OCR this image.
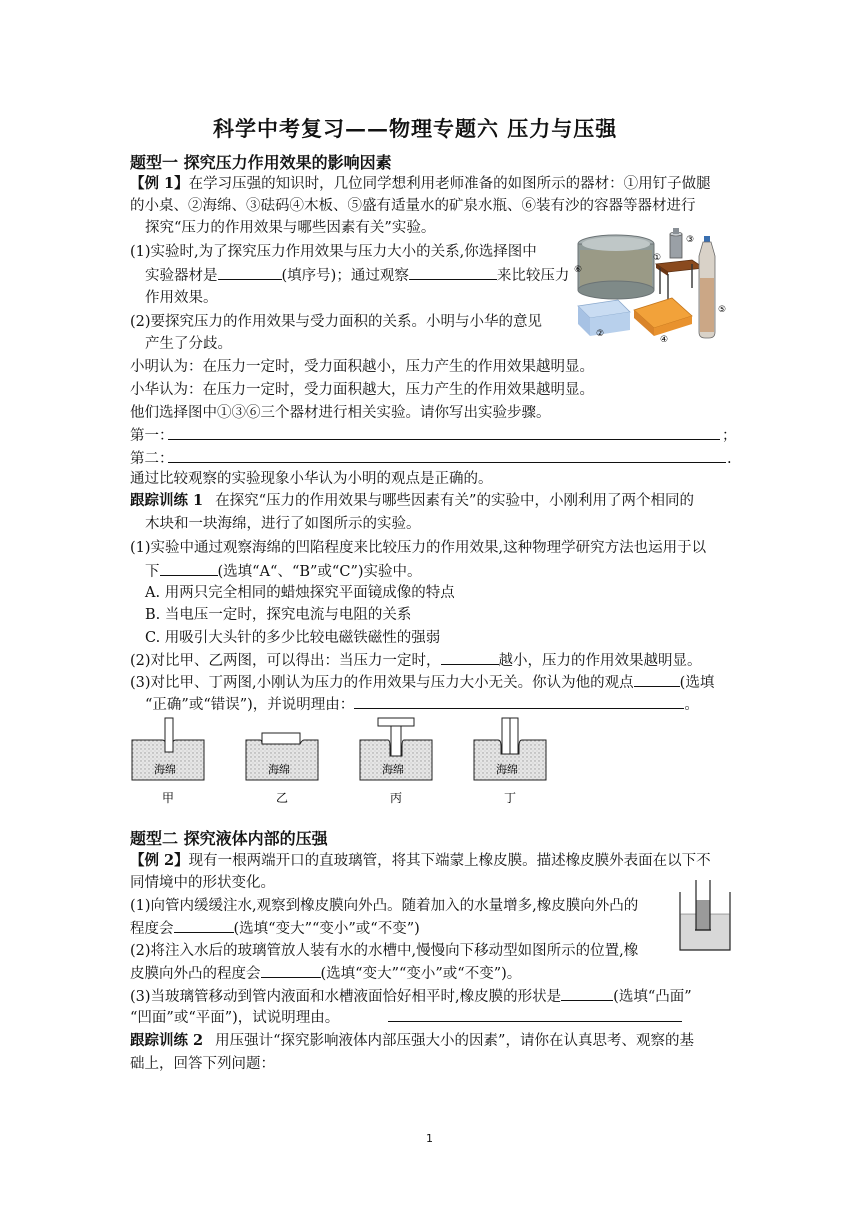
科学中考复习——物理专题六 压力与压强
题型一 探究压力作用效果的影响因素
【例 1】在学习压强的知识时，几位同学想利用老师准备的如图所示的器材：①用钉子做腿
的小桌、②海绵、③砝码④木板、⑤盛有适量水的矿泉水瓶、⑥装有沙的容器等器材进行
探究“压力的作用效果与哪些因素有关”实验。
(1)实验时,为了探究压力作用效果与压力大小的关系,你选择图中
实验器材是	(填序号)；通过观察	来比较压力
作用效果。
(2)要探究压力的作用效果与受力面积的关系。小明与小华的意见
产生了分歧。
小明认为：在压力一定时，受力面积越小，压力产生的作用效果越明显。
小华认为：在压力一定时，受力面积越大，压力产生的作用效果越明显。
他们选择图中①③⑥三个器材进行相关实验。请你写出实验步骤。
第一：	；
第二：	.
通过比较观察的实验现象小华认为小明的观点是正确的。
⑥
③
①
②
④
⑤
跟踪训练 1 在探究“压力的作用效果与哪些因素有关”的实验中，小刚利用了两个相同的
木块和一块海绵，进行了如图所示的实验。
(1)实验中通过观察海绵的凹陷程度来比较压力的作用效果,这种物理学研究方法也运用于以
下	(选填“A“、“B”或“C”)实验中。
A. 用两只完全相同的蜡烛探究平面镜成像的特点
B. 当电压一定时，探究电流与电阻的关系
C. 用吸引大头针的多少比较电磁铁磁性的强弱
(2)对比甲、乙两图，可以得出：当压力一定时，	越小，压力的作用效果越明显。
(3)对比甲、丁两图,小刚认为压力的作用效果与压力大小无关。你认为他的观点	(选填
“正确”或“错误”)，并说明理由：	。
海绵	海绵	海绵	海绵
甲	乙	丙	丁
题型二 探究液体内部的压强
【例 2】现有一根两端开口的直玻璃管，将其下端蒙上橡皮膜。描述橡皮膜外表面在以下不
同情境中的形状变化。
(1)向管内缓缓注水,观察到橡皮膜向外凸。随着加入的水量增多,橡皮膜向外凸的
程度会	(选填“变大”“变小”或“不变”)
(2)将注入水后的玻璃管放人装有水的水槽中,慢慢向下移动型如图所示的位置,橡
皮膜向外凸的程度会	(选填“变大”“变小”或“不变”)。
(3)当玻璃管移动到管内液面和水槽液面恰好相平时,橡皮膜的形状是	(选填“凸面”
“凹面”或“平面”)，试说明理由。
跟踪训练 2 用压强计“探究影响液体内部压强大小的因素”，请你在认真思考、观察的基
础上，回答下列问题：
1
